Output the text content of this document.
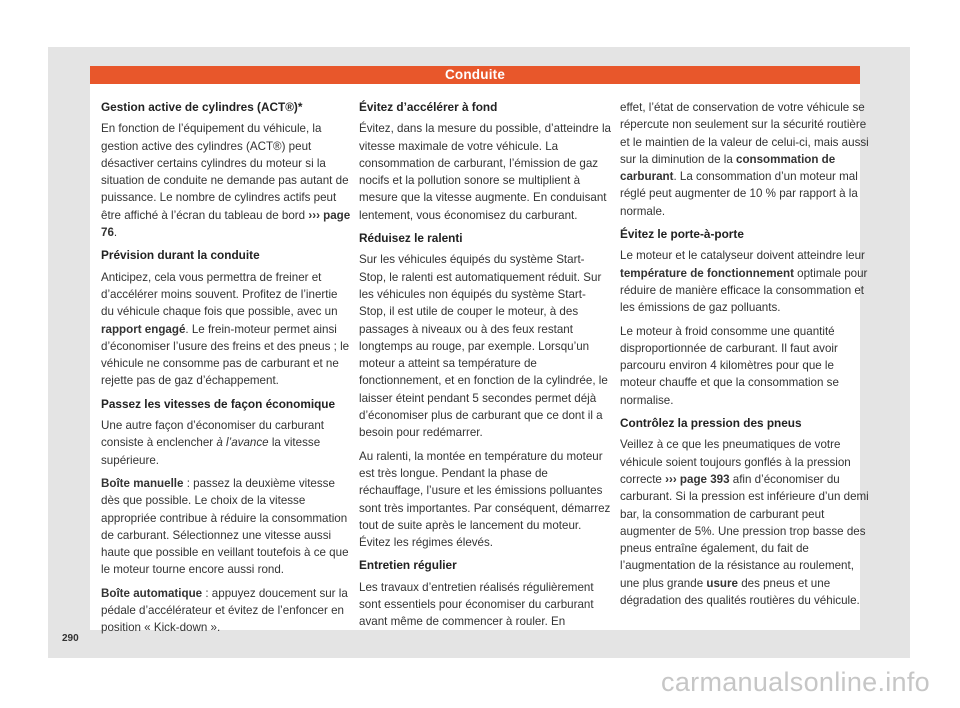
Conduite
Gestion active de cylindres (ACT®)*

En fonction de l’équipement du véhicule, la gestion active des cylindres (ACT®) peut désactiver certains cylindres du moteur si la situation de conduite ne demande pas autant de puissance. Le nombre de cylindres actifs peut être affiché à l’écran du tableau de bord ››› page 76.

Prévision durant la conduite

Anticipez, cela vous permettra de freiner et d’accélérer moins souvent. Profitez de l’inertie du véhicule chaque fois que possible, avec un rapport engagé. Le frein-moteur permet ainsi d’économiser l’usure des freins et des pneus ; le véhicule ne consomme pas de carburant et ne rejette pas de gaz d’échappement.

Passez les vitesses de façon économique

Une autre façon d’économiser du carburant consiste à enclencher à l’avance la vitesse supérieure.

Boîte manuelle : passez la deuxième vitesse dès que possible. Le choix de la vitesse appropriée contribue à réduire la consommation de carburant. Sélectionnez une vitesse aussi haute que possible en veillant toutefois à ce que le moteur tourne encore aussi rond.

Boîte automatique : appuyez doucement sur la pédale d’accélérateur et évitez de l’enfoncer en position « Kick-down ».

Évitez d’accélérer à fond

Évitez, dans la mesure du possible, d’atteindre la vitesse maximale de votre véhicule. La consommation de carburant, l’émission de gaz nocifs et la pollution sonore se multiplient à mesure que la vitesse augmente. En conduisant lentement, vous économisez du carburant.

Réduisez le ralenti

Sur les véhicules équipés du système Start-Stop, le ralenti est automatiquement réduit. Sur les véhicules non équipés du système Start-Stop, il est utile de couper le moteur, à des passages à niveaux ou à des feux restant longtemps au rouge, par exemple. Lorsqu’un moteur a atteint sa température de fonctionnement, et en fonction de la cylindrée, le laisser éteint pendant 5 secondes permet déjà d’économiser plus de carburant que ce dont il a besoin pour redémarrer.

Au ralenti, la montée en température du moteur est très longue. Pendant la phase de réchauffage, l’usure et les émissions polluantes sont très importantes. Par conséquent, démarrez tout de suite après le lancement du moteur. Évitez les régimes élevés.

Entretien régulier

Les travaux d’entretien réalisés régulièrement sont essentiels pour économiser du carburant avant même de commencer à rouler. En

effet, l’état de conservation de votre véhicule se répercute non seulement sur la sécurité routière et le maintien de la valeur de celui-ci, mais aussi sur la diminution de la consommation de carburant. La consommation d’un moteur mal réglé peut augmenter de 10 % par rapport à la normale.

Évitez le porte-à-porte

Le moteur et le catalyseur doivent atteindre leur température de fonctionnement optimale pour réduire de manière efficace la consommation et les émissions de gaz polluants.

Le moteur à froid consomme une quantité disproportionnée de carburant. Il faut avoir parcouru environ 4 kilomètres pour que le moteur chauffe et que la consommation se normalise.

Contrôlez la pression des pneus

Veillez à ce que les pneumatiques de votre véhicule soient toujours gonflés à la pression correcte ››› page 393 afin d’économiser du carburant. Si la pression est inférieure d’un demi bar, la consommation de carburant peut augmenter de 5%. Une pression trop basse des pneus entraîne également, du fait de l’augmentation de la résistance au roulement, une plus grande usure des pneus et une dégradation des qualités routières du véhicule.

290
carmanualsonline.info
